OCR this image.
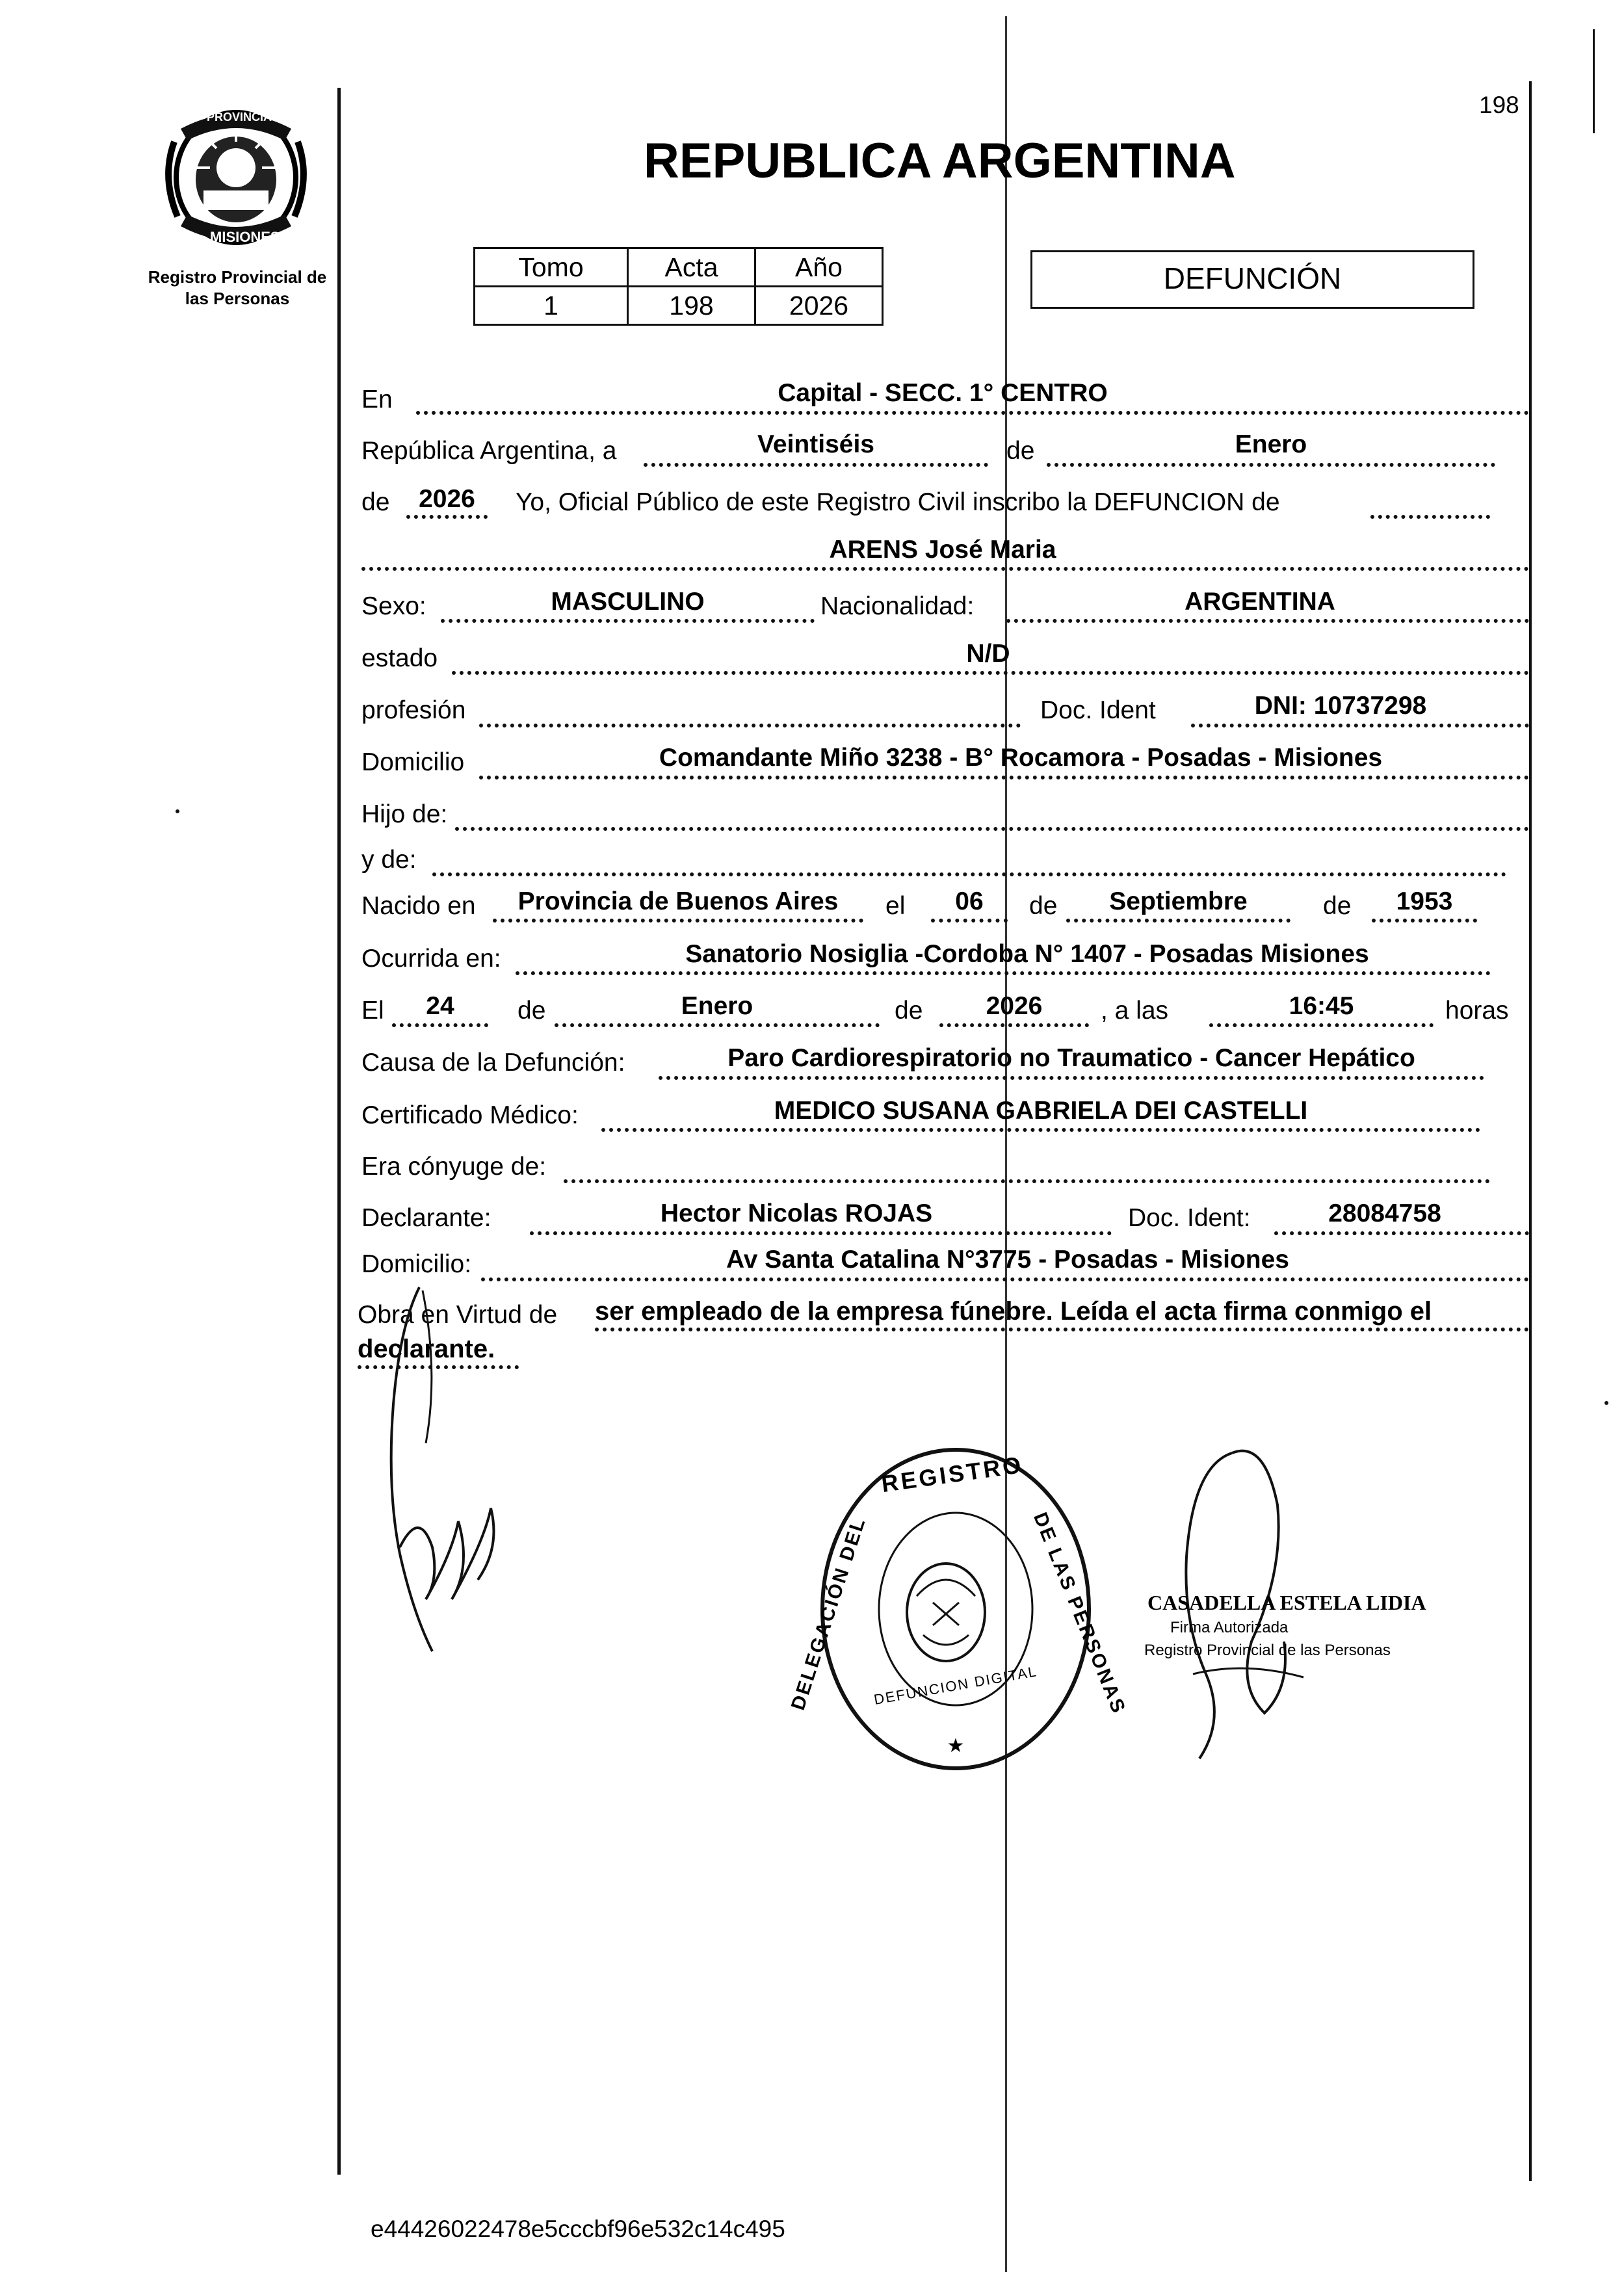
198
PROVINCIA DE
MISIONES
Registro Provincial de
las Personas
REPUBLICA ARGENTINA
Tomo	Acta	Año
1	198	2026
DEFUNCIÓN
En	Capital - SECC. 1° CENTRO
República Argentina, a	Veintiséis	de	Enero
de	2026	Yo, Oficial Público de este Registro Civil inscribo la DEFUNCION de
ARENS José Maria
Sexo:	MASCULINO	Nacionalidad:	ARGENTINA
estado	N/D
profesión	Doc. Ident	DNI: 10737298
Domicilio	Comandante Miño 3238 - B° Rocamora - Posadas - Misiones
Hijo de:
y de:
Nacido en	Provincia de Buenos Aires	el	06	de	Septiembre	de	1953
Ocurrida en:	Sanatorio Nosiglia -Cordoba N° 1407 - Posadas Misiones
El	24	de	Enero	de	2026	, a las	16:45	horas
Causa de la Defunción:	Paro Cardiorespiratorio no Traumatico - Cancer Hepático
Certificado Médico:	MEDICO SUSANA GABRIELA DEI CASTELLI
Era cónyuge de:
Declarante:	Hector Nicolas ROJAS	Doc. Ident:	28084758
Domicilio:	Av Santa Catalina N°3775 - Posadas - Misiones
Obra en Virtud de ser empleado de la empresa fúnebre. Leída el acta firma conmigo el
declarante.
★
REGISTRO
DELEGACIÓN DEL	DE LAS PERSONAS
DEFUNCION DIGITAL
CASADELLA ESTELA LIDIA
Firma Autorizada
Registro Provincial de las Personas
e44426022478e5cccbf96e532c14c495
